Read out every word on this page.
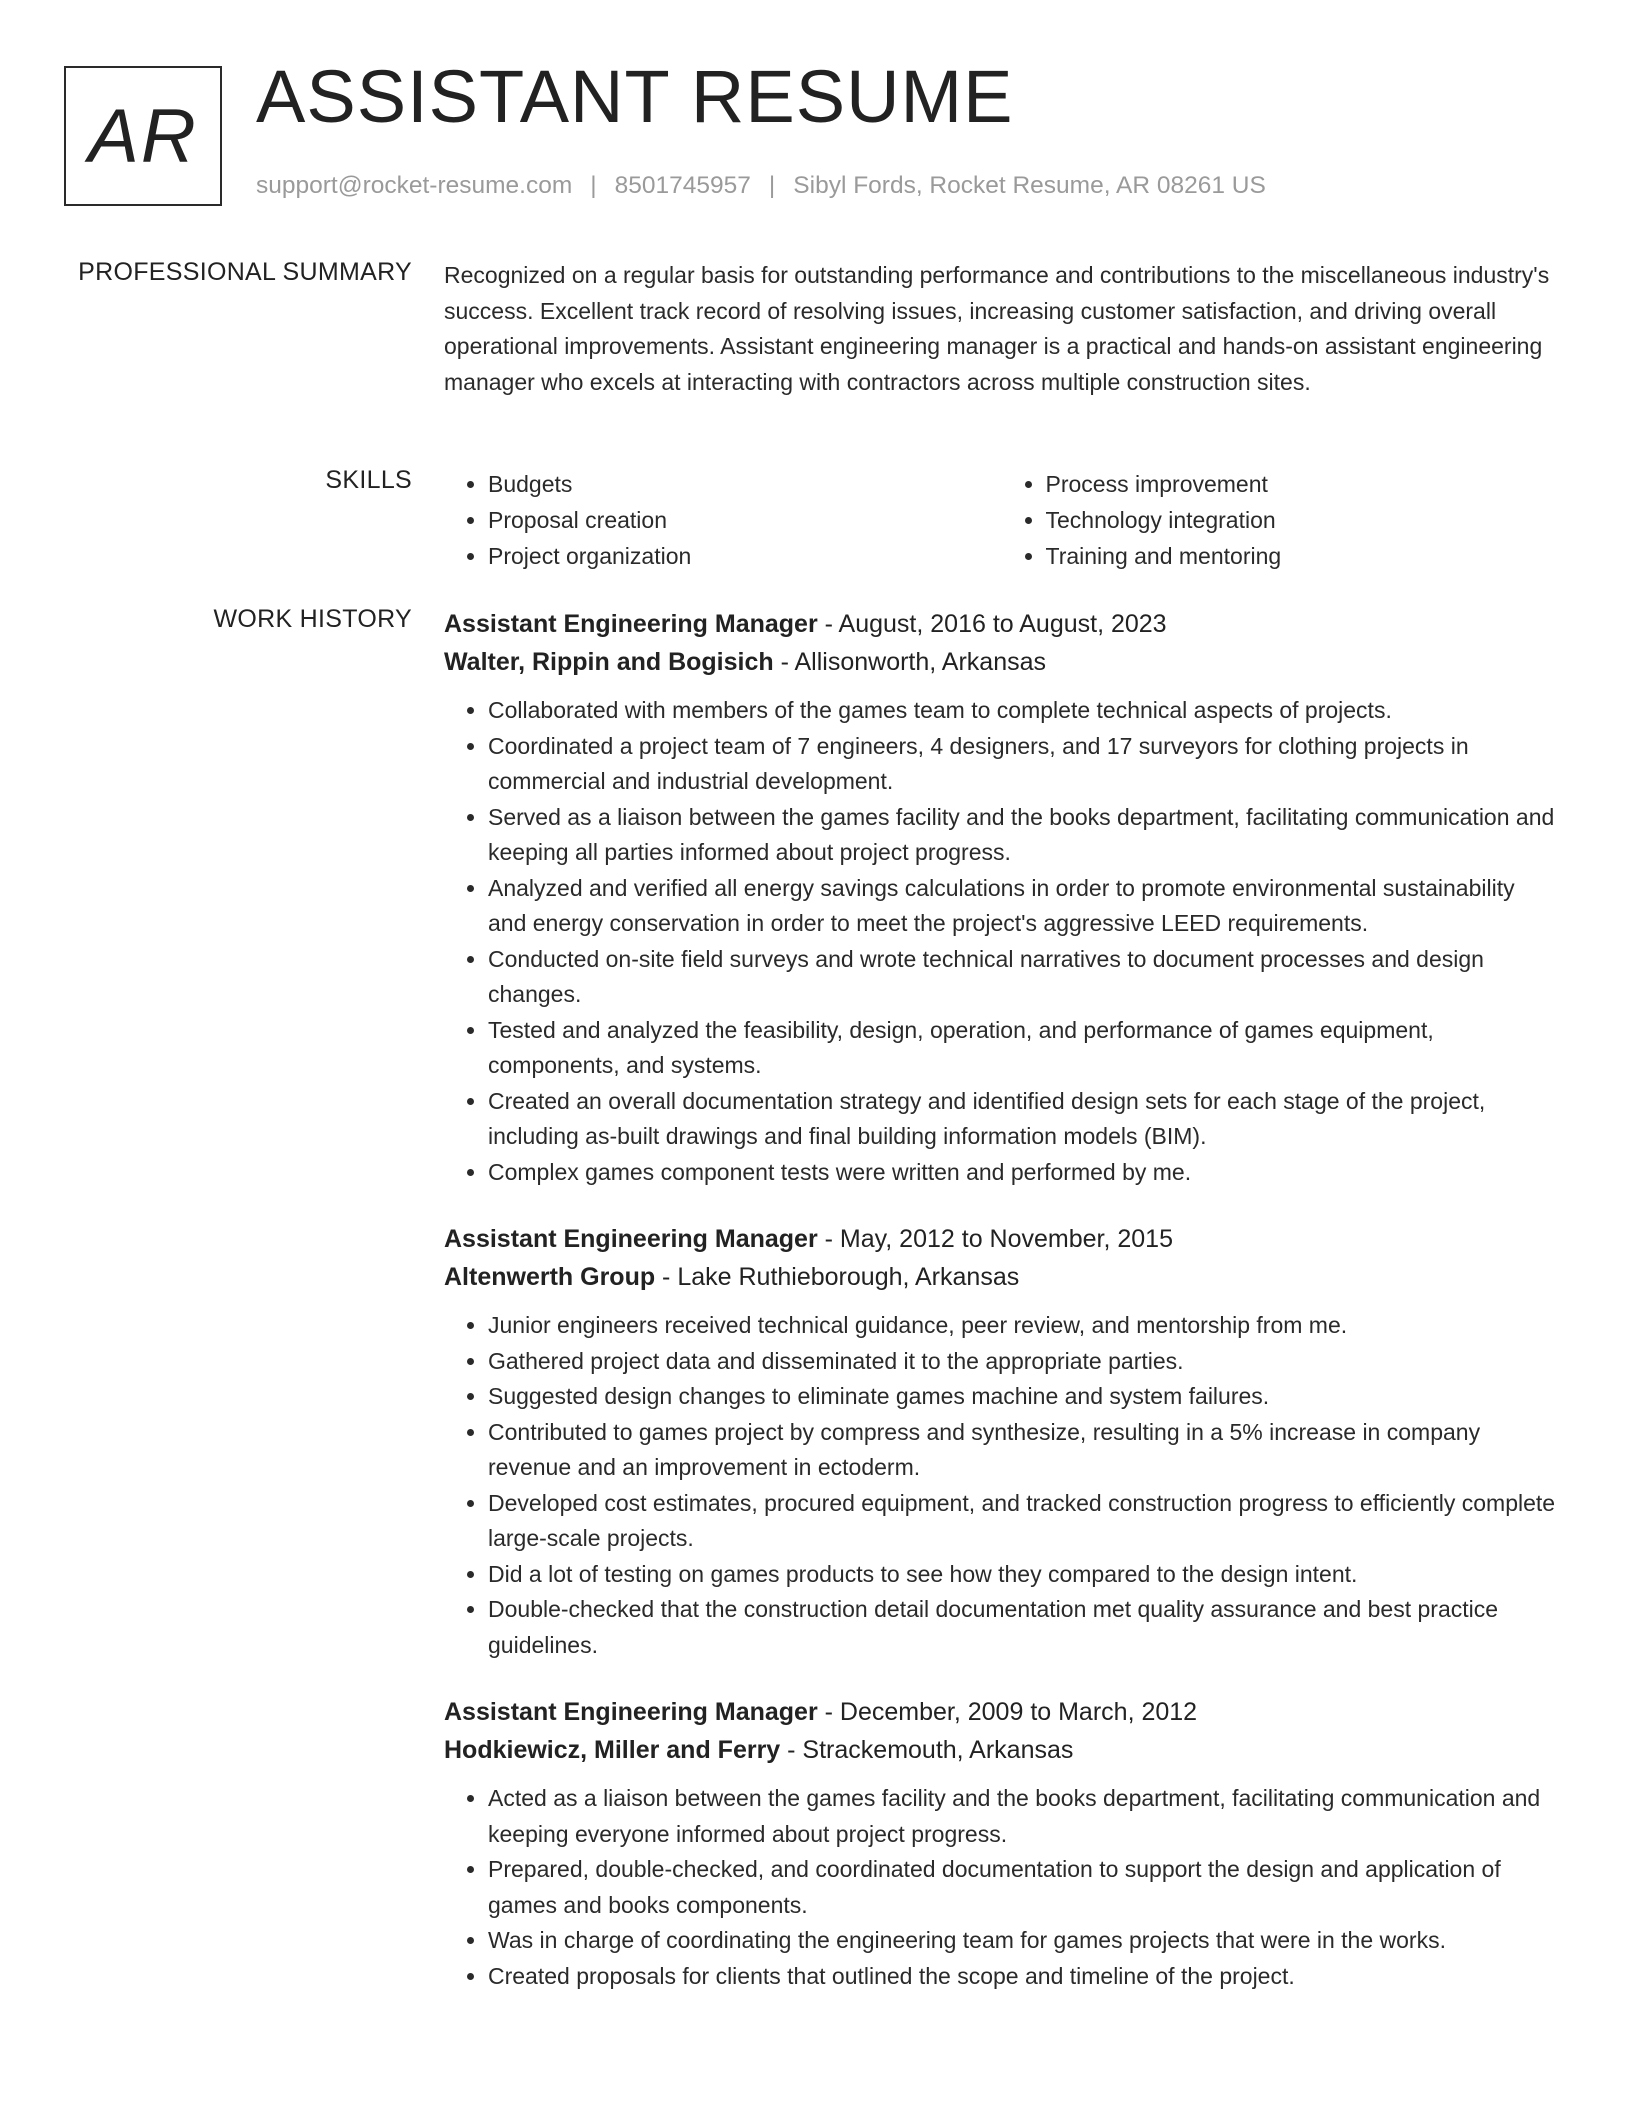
AR ASSISTANT RESUME
support@rocket-resume.com | 8501745957 | Sibyl Fords, Rocket Resume, AR 08261 US
PROFESSIONAL SUMMARY Recognized on a regular basis for outstanding performance and contributions to the miscellaneous industry's success. Excellent track record of resolving issues, increasing customer satisfaction, and driving overall operational improvements. Assistant engineering manager is a practical and hands-on assistant engineering manager who excels at interacting with contractors across multiple construction sites.

SKILLS
•	Budgets
• Proposal creation
• Project organization
• Process improvement
• Technology integration
• Training and mentoring
WORK HISTORY Assistant Engineering Manager - August, 2016 to August, 2023
Walter, Rippin and Bogisich - Allisonworth, Arkansas
• Collaborated with members of the games team to complete technical aspects of projects.
• Coordinated a project team of 7 engineers, 4 designers, and 17 surveyors for clothing projects in commercial and industrial development.
• Served as a liaison between the games facility and the books department, facilitating communication and keeping all parties informed about project progress.
• Analyzed and verified all energy savings calculations in order to promote environmental sustainability and energy conservation in order to meet the project's aggressive LEED requirements.
• Conducted on-site field surveys and wrote technical narratives to document processes and design changes.
• Tested and analyzed the feasibility, design, operation, and performance of games equipment, components, and systems.
• Created an overall documentation strategy and identified design sets for each stage of the project, including as-built drawings and final building information models (BIM).
• Complex games component tests were written and performed by me.
Assistant Engineering Manager - May, 2012 to November, 2015
Altenwerth Group - Lake Ruthieborough, Arkansas
• Junior engineers received technical guidance, peer review, and mentorship from me.
• Gathered project data and disseminated it to the appropriate parties.
• Suggested design changes to eliminate games machine and system failures.
• Contributed to games project by compress and synthesize, resulting in a 5% increase in company revenue and an improvement in ectoderm.
• Developed cost estimates, procured equipment, and tracked construction progress to efficiently complete large-scale projects.
• Did a lot of testing on games products to see how they compared to the design intent.
• Double-checked that the construction detail documentation met quality assurance and best practice guidelines.
Assistant Engineering Manager - December, 2009 to March, 2012
Hodkiewicz, Miller and Ferry - Strackemouth, Arkansas
• Acted as a liaison between the games facility and the books department, facilitating communication and keeping everyone informed about project progress.
• Prepared, double-checked, and coordinated documentation to support the design and application of games and books components.
• Was in charge of coordinating the engineering team for games projects that were in the works.
• Created proposals for clients that outlined the scope and timeline of the project.
